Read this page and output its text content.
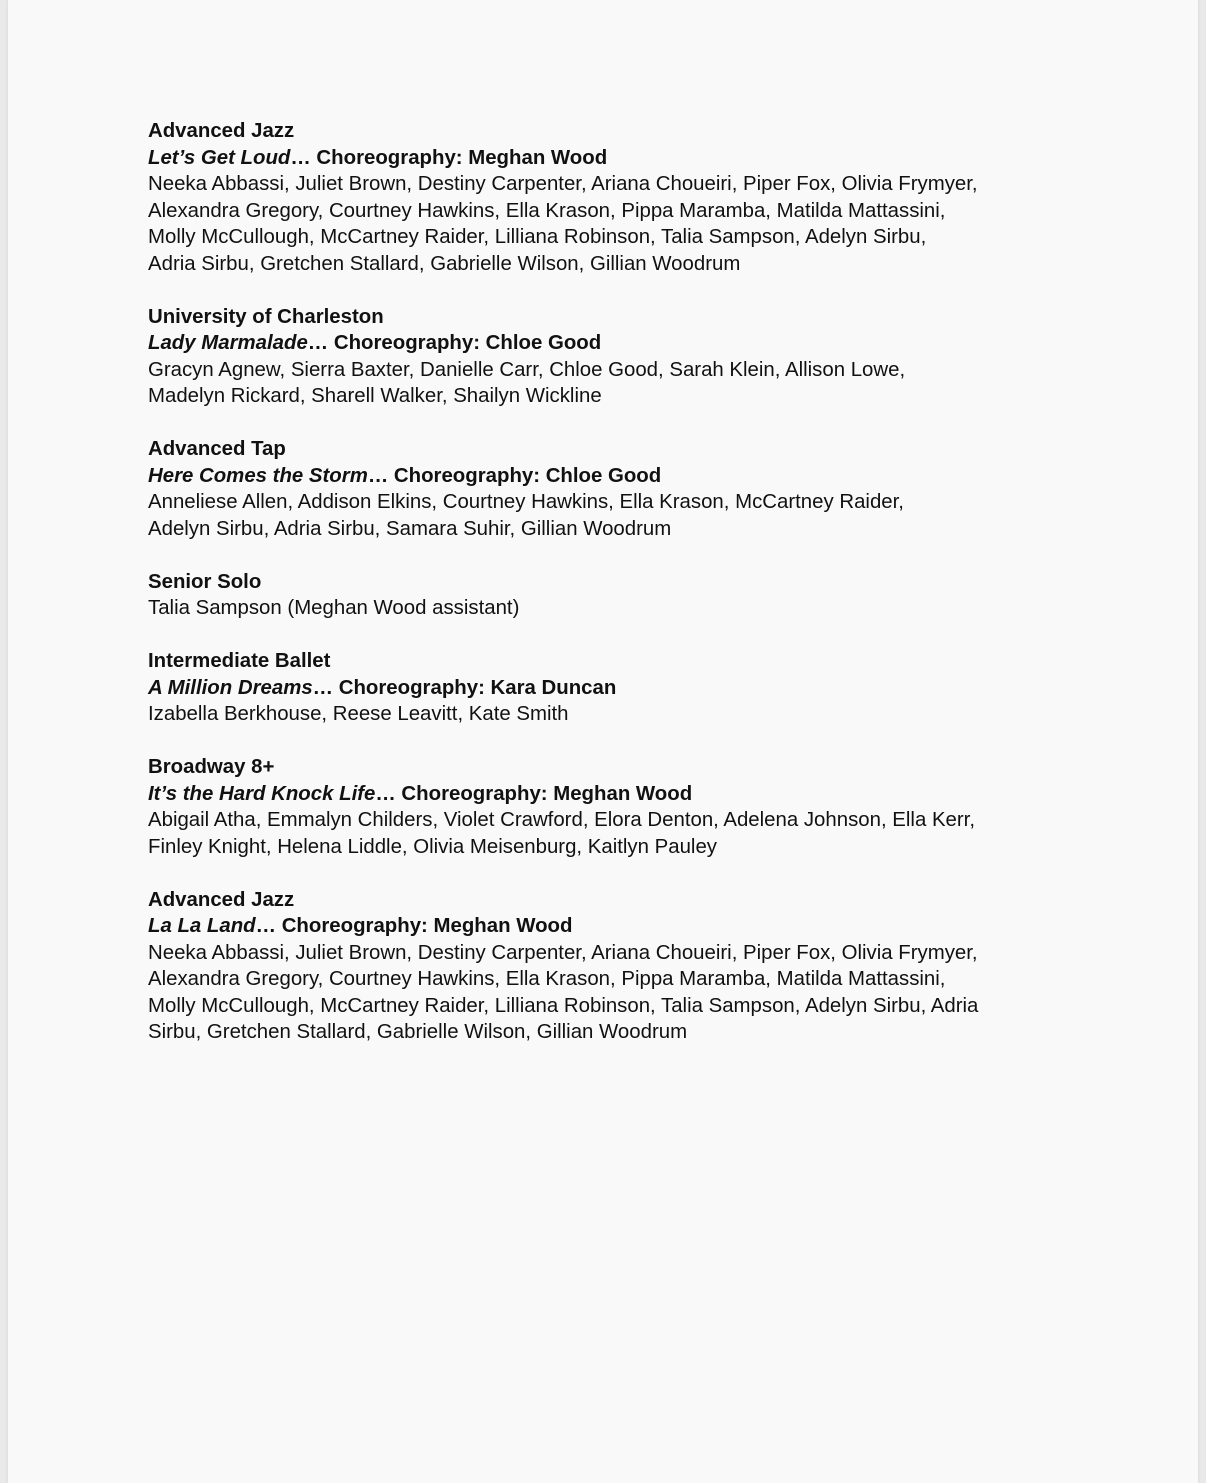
Advanced Jazz
Let’s Get Loud… Choreography: Meghan Wood
Neeka Abbassi, Juliet Brown, Destiny Carpenter, Ariana Choueiri, Piper Fox, Olivia Frymyer,
Alexandra Gregory, Courtney Hawkins, Ella Krason, Pippa Maramba, Matilda Mattassini,
Molly McCullough, McCartney Raider, Lilliana Robinson, Talia Sampson, Adelyn Sirbu,
Adria Sirbu, Gretchen Stallard, Gabrielle Wilson, Gillian Woodrum
University of Charleston
Lady Marmalade… Choreography: Chloe Good
Gracyn Agnew, Sierra Baxter, Danielle Carr, Chloe Good, Sarah Klein, Allison Lowe,
Madelyn Rickard, Sharell Walker, Shailyn Wickline
Advanced Tap
Here Comes the Storm… Choreography: Chloe Good
Anneliese Allen, Addison Elkins, Courtney Hawkins, Ella Krason, McCartney Raider,
Adelyn Sirbu, Adria Sirbu, Samara Suhir, Gillian Woodrum
Senior Solo
Talia Sampson (Meghan Wood assistant)
Intermediate Ballet
A Million Dreams… Choreography: Kara Duncan
Izabella Berkhouse, Reese Leavitt, Kate Smith
Broadway 8+
It’s the Hard Knock Life… Choreography: Meghan Wood
Abigail Atha, Emmalyn Childers, Violet Crawford, Elora Denton, Adelena Johnson, Ella Kerr,
Finley Knight, Helena Liddle, Olivia Meisenburg, Kaitlyn Pauley
Advanced Jazz
La La Land… Choreography: Meghan Wood
Neeka Abbassi, Juliet Brown, Destiny Carpenter, Ariana Choueiri, Piper Fox, Olivia Frymyer,
Alexandra Gregory, Courtney Hawkins, Ella Krason, Pippa Maramba, Matilda Mattassini,
Molly McCullough, McCartney Raider, Lilliana Robinson, Talia Sampson, Adelyn Sirbu, Adria
Sirbu, Gretchen Stallard, Gabrielle Wilson, Gillian Woodrum
